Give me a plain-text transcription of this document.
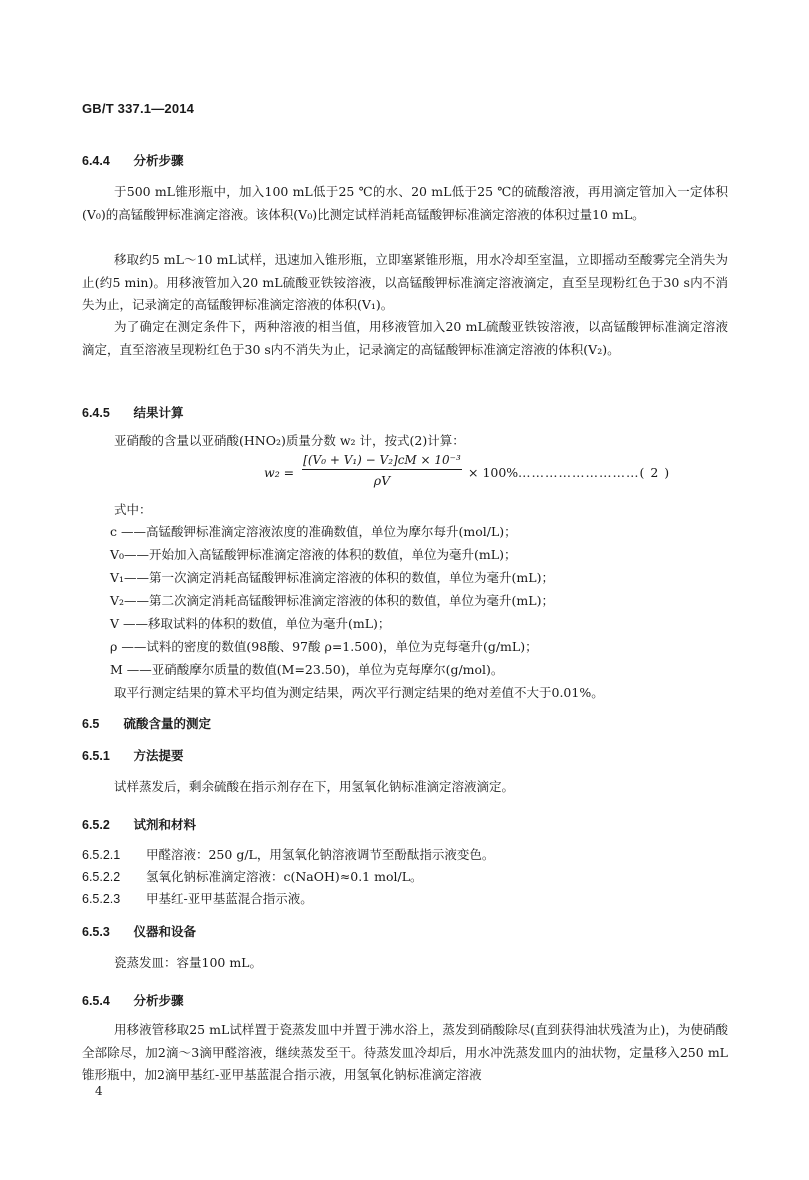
GB/T 337.1—2014
6.4.4 分析步骤
于500 mL锥形瓶中，加入100 mL低于25 ℃的水、20 mL低于25 ℃的硫酸溶液，再用滴定管加入一定体积(V₀)的高锰酸钾标准滴定溶液。该体积(V₀)比测定试样消耗高锰酸钾标准滴定溶液的体积过量10 mL。
移取约5 mL～10 mL试样，迅速加入锥形瓶，立即塞紧锥形瓶，用水冷却至室温，立即摇动至酸雾完全消失为止(约5 min)。用移液管加入20 mL硫酸亚铁铵溶液，以高锰酸钾标准滴定溶液滴定，直至呈现粉红色于30 s内不消失为止，记录滴定的高锰酸钾标准滴定溶液的体积(V₁)。
为了确定在测定条件下，两种溶液的相当值，用移液管加入20 mL硫酸亚铁铵溶液，以高锰酸钾标准滴定溶液滴定，直至溶液呈现粉红色于30 s内不消失为止，记录滴定的高锰酸钾标准滴定溶液的体积(V₂)。
6.4.5 结果计算
亚硝酸的含量以亚硝酸(HNO₂)质量分数 w₂ 计，按式(2)计算：
$w_2 = \frac{\text{[(V₀ + V₁) − V₂]cM × 10⁻³}}{\rho V} \times 100\%$ ………………………( 2 )
式中：
c ——高锰酸钾标准滴定溶液浓度的准确数值，单位为摩尔每升(mol/L)；
V₀——开始加入高锰酸钾标准滴定溶液的体积的数值，单位为毫升(mL)；
V₁——第一次滴定消耗高锰酸钾标准滴定溶液的体积的数值，单位为毫升(mL)；
V₂——第二次滴定消耗高锰酸钾标准滴定溶液的体积的数值，单位为毫升(mL)；
V ——移取试料的体积的数值，单位为毫升(mL)；
ρ ——试料的密度的数值(98酸、97酸 ρ=1.500)，单位为克每毫升(g/mL)；
M ——亚硝酸摩尔质量的数值(M=23.50)，单位为克每摩尔(g/mol)。
取平行测定结果的算术平均值为测定结果，两次平行测定结果的绝对差值不大于0.01%。
6.5 硫酸含量的测定
6.5.1 方法提要
试样蒸发后，剩余硫酸在指示剂存在下，用氢氧化钠标准滴定溶液滴定。
6.5.2 试剂和材料
6.5.2.1 甲醛溶液：250 g/L，用氢氧化钠溶液调节至酚酞指示液变色。
6.5.2.2 氢氧化钠标准滴定溶液：c(NaOH)≈0.1 mol/L。
6.5.2.3 甲基红-亚甲基蓝混合指示液。
6.5.3 仪器和设备
瓷蒸发皿：容量100 mL。
6.5.4 分析步骤
用移液管移取25 mL试样置于瓷蒸发皿中并置于沸水浴上，蒸发到硝酸除尽(直到获得油状残渣为止)，为使硝酸全部除尽，加2滴～3滴甲醛溶液，继续蒸发至干。待蒸发皿冷却后，用水冲洗蒸发皿内的油状物，定量移入250 mL锥形瓶中，加2滴甲基红-亚甲基蓝混合指示液，用氢氧化钠标准滴定溶液
4
